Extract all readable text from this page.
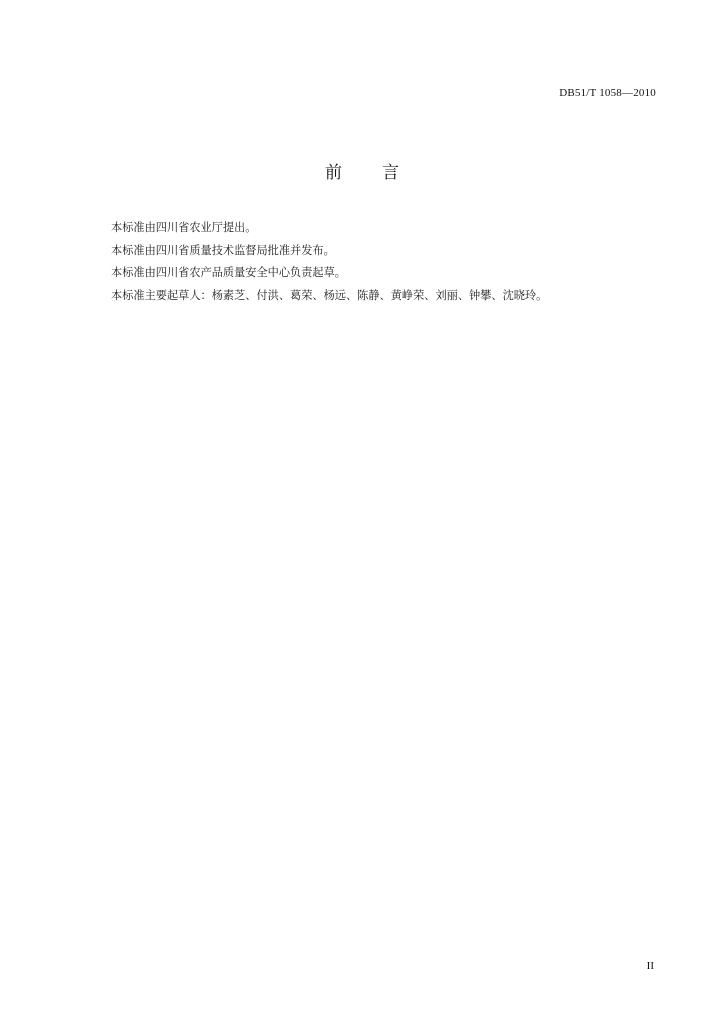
DB51/T 1058—2010
前 言
本标准由四川省农业厅提出。
本标准由四川省质量技术监督局批准并发布。
本标准由四川省农产品质量安全中心负责起草。
本标准主要起草人：杨素芝、付洪、葛荣、杨远、陈静、黄峥荣、刘丽、钟攀、沈晓玲。
II
